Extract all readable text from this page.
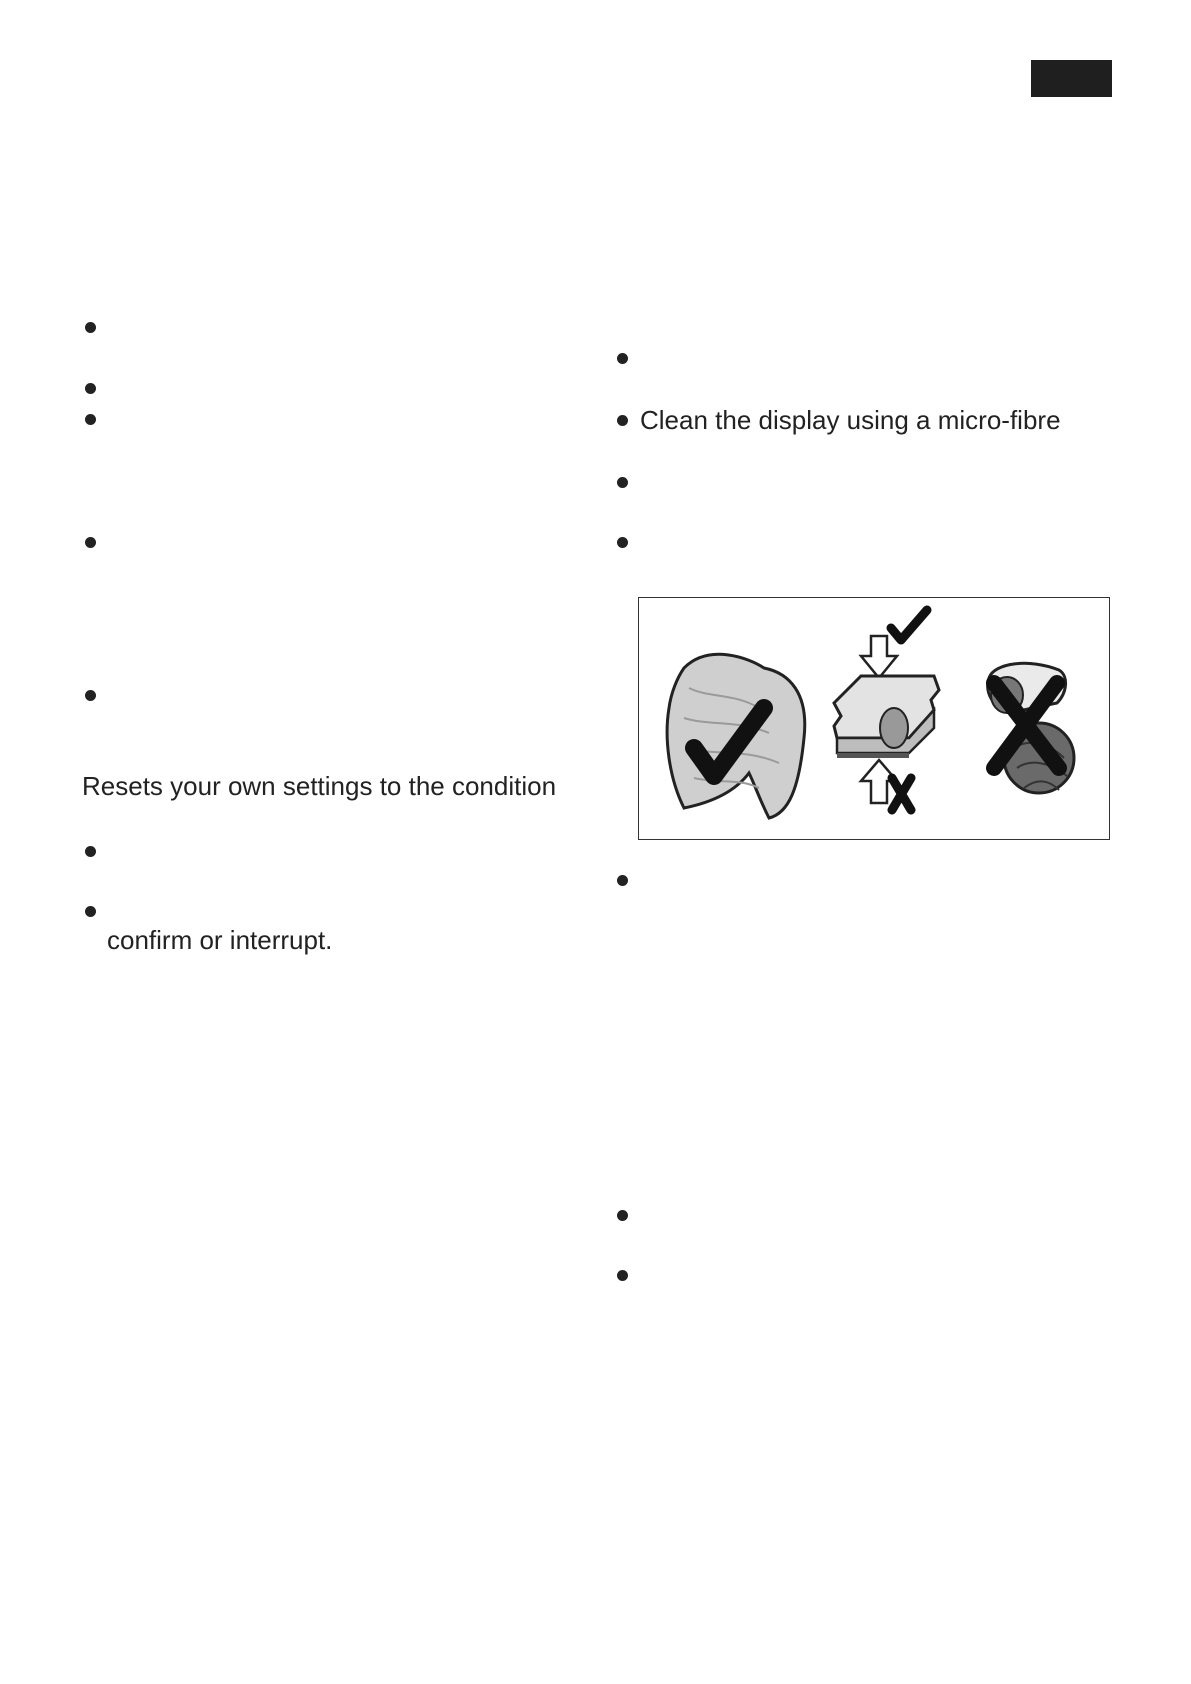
Resets your own settings to the condition
confirm or interrupt.
Clean the display using a micro-fibre
